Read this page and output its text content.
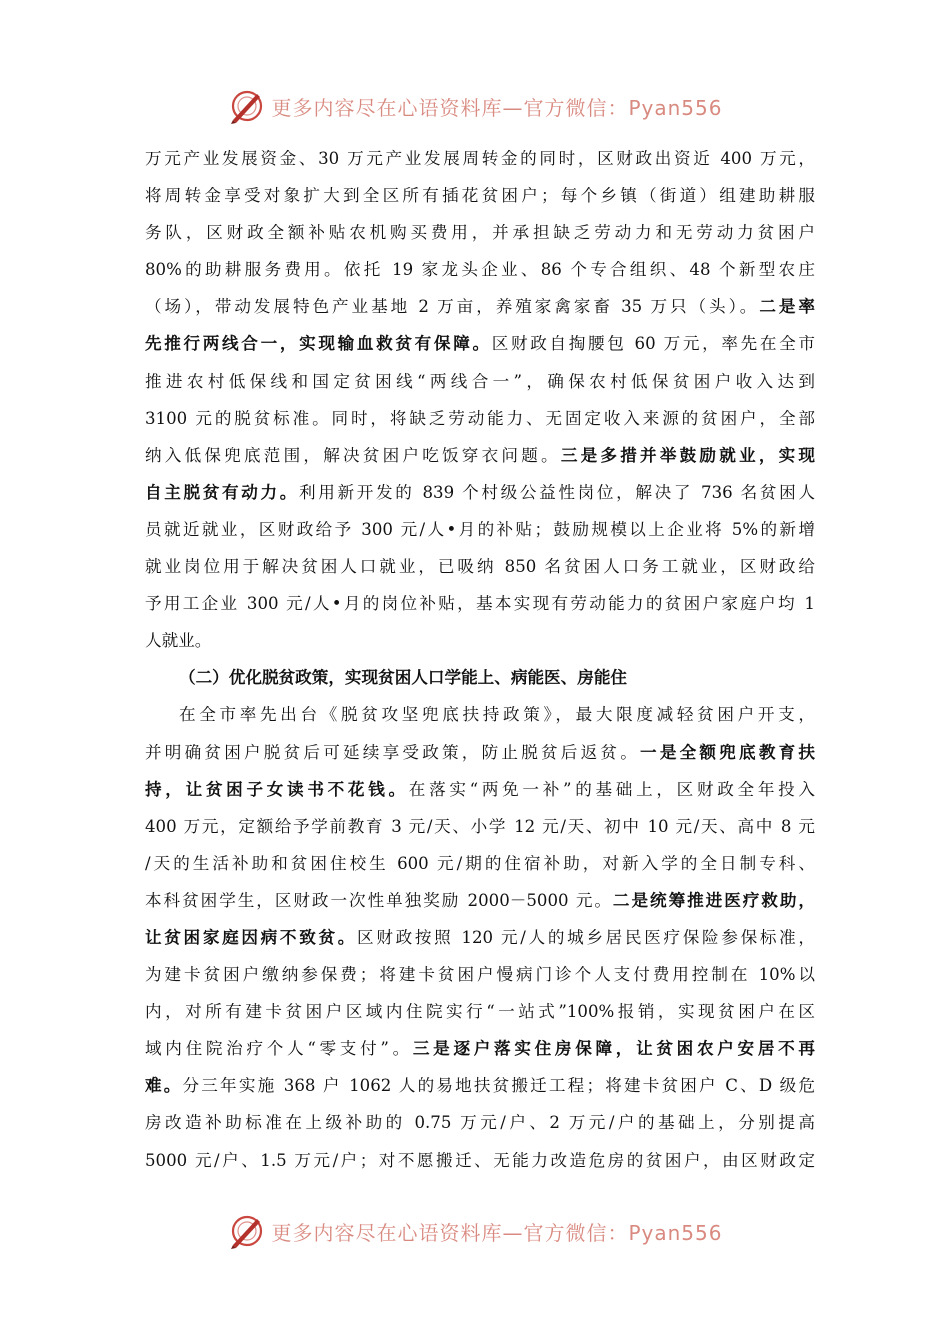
更多内容尽在心语资料库—官方微信：Pyan556
万元产业发展资金、30 万元产业发展周转金的同时，区财政出资近 400 万元，
将周转金享受对象扩大到全区所有插花贫困户；每个乡镇（街道）组建助耕服
务队，区财政全额补贴农机购买费用，并承担缺乏劳动力和无劳动力贫困户
80%的助耕服务费用。依托 19 家龙头企业、86 个专合组织、48 个新型农庄
（场），带动发展特色产业基地 2 万亩，养殖家禽家畜 35 万只（头）。二是率
先推行两线合一，实现输血救贫有保障。区财政自掏腰包 60 万元，率先在全市
推进农村低保线和国定贫困线“两线合一”，确保农村低保贫困户收入达到
3100 元的脱贫标准。同时，将缺乏劳动能力、无固定收入来源的贫困户，全部
纳入低保兜底范围，解决贫困户吃饭穿衣问题。三是多措并举鼓励就业，实现
自主脱贫有动力。利用新开发的 839 个村级公益性岗位，解决了 736 名贫困人
员就近就业，区财政给予 300 元/人•月的补贴；鼓励规模以上企业将 5%的新增
就业岗位用于解决贫困人口就业，已吸纳 850 名贫困人口务工就业，区财政给
予用工企业 300 元/人•月的岗位补贴，基本实现有劳动能力的贫困户家庭户均 1
人就业。
（二）优化脱贫政策，实现贫困人口学能上、病能医、房能住
在全市率先出台《脱贫攻坚兜底扶持政策》，最大限度减轻贫困户开支，
并明确贫困户脱贫后可延续享受政策，防止脱贫后返贫。一是全额兜底教育扶
持，让贫困子女读书不花钱。在落实“两免一补”的基础上，区财政全年投入
400 万元，定额给予学前教育 3 元/天、小学 12 元/天、初中 10 元/天、高中 8 元
/天的生活补助和贫困住校生 600 元/期的住宿补助，对新入学的全日制专科、
本科贫困学生，区财政一次性单独奖励 2000－5000 元。二是统筹推进医疗救助，
让贫困家庭因病不致贫。区财政按照 120 元/人的城乡居民医疗保险参保标准，
为建卡贫困户缴纳参保费；将建卡贫困户慢病门诊个人支付费用控制在 10%以
内，对所有建卡贫困户区域内住院实行“一站式”100%报销，实现贫困户在区
域内住院治疗个人“零支付”。三是逐户落实住房保障，让贫困农户安居不再
难。分三年实施 368 户 1062 人的易地扶贫搬迁工程；将建卡贫困户 C、D 级危
房改造补助标准在上级补助的 0.75 万元/户、2 万元/户的基础上，分别提高
5000 元/户、1.5 万元/户；对不愿搬迁、无能力改造危房的贫困户，由区财政定
更多内容尽在心语资料库—官方微信：Pyan556
